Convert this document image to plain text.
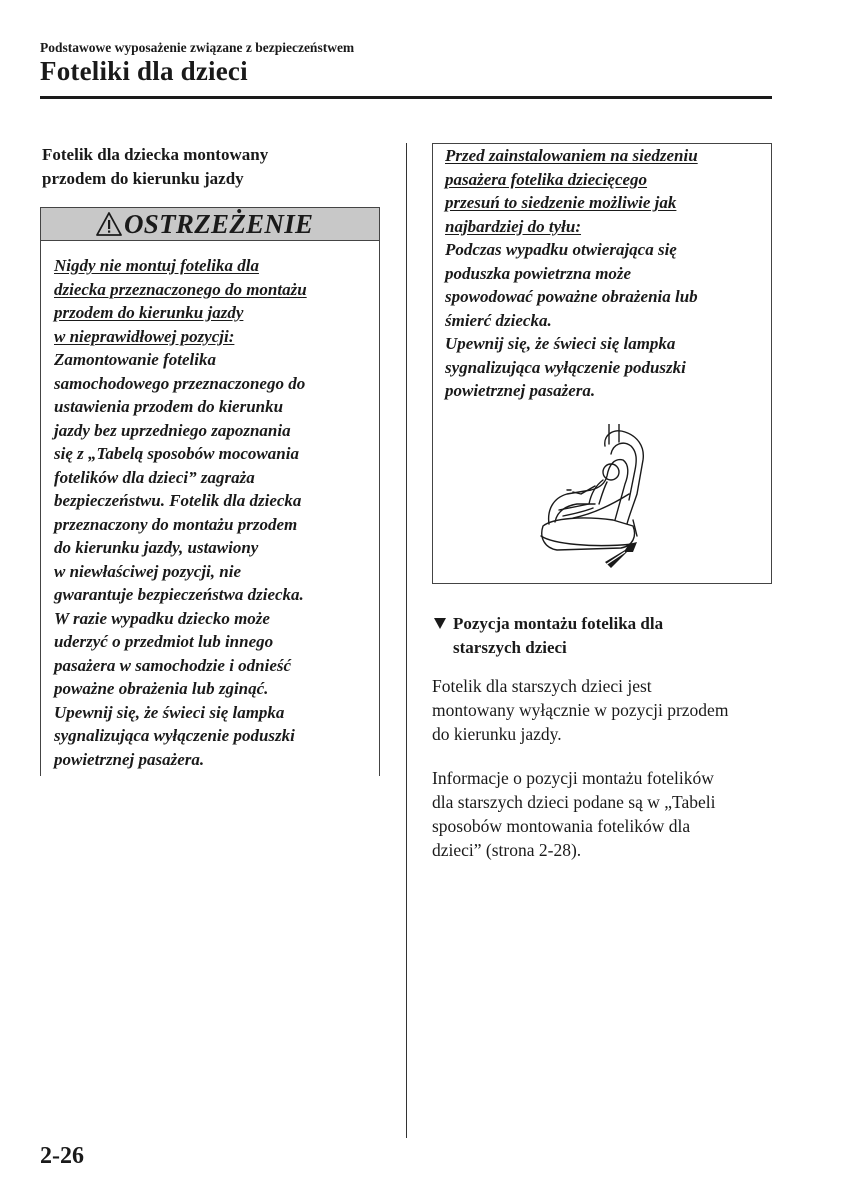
Podstawowe wyposażenie związane z bezpieczeństwem
Foteliki dla dzieci

Fotelik dla dziecka montowany

przodem do kierunku jazdy

OSTRZEŻENIE

Nigdy nie montuj fotelika dla

dziecka przeznaczonego do montażu

przodem do kierunku jazdy

w nieprawidłowej pozycji:

Zamontowanie fotelika

samochodowego przeznaczonego do

ustawienia przodem do kierunku

jazdy bez uprzedniego zapoznania

się z „Tabelą sposobów mocowania

fotelików dla dzieci” zagraża

bezpieczeństwu. Fotelik dla dziecka

przeznaczony do montażu przodem

do kierunku jazdy, ustawiony

w niewłaściwej pozycji, nie

gwarantuje bezpieczeństwa dziecka.

W razie wypadku dziecko może

uderzyć o przedmiot lub innego

pasażera w samochodzie i odnieść

poważne obrażenia lub zginąć.

Upewnij się, że świeci się lampka

sygnalizująca wyłączenie poduszki

powietrznej pasażera.

Przed zainstalowaniem na siedzeniu

pasażera fotelika dziecięcego

przesuń to siedzenie możliwie jak

najbardziej do tyłu:

Podczas wypadku otwierająca się

poduszka powietrzna może

spowodować poważne obrażenia lub

śmierć dziecka.

Upewnij się, że świeci się lampka

sygnalizująca wyłączenie poduszki

powietrznej pasażera.

Pozycja montażu fotelika dla

starszych dzieci

Fotelik dla starszych dzieci jest

montowany wyłącznie w pozycji przodem

do kierunku jazdy.

Informacje o pozycji montażu fotelików

dla starszych dzieci podane są w „Tabeli

sposobów montowania fotelików dla

dzieci” (strona 2-28).

2-26
